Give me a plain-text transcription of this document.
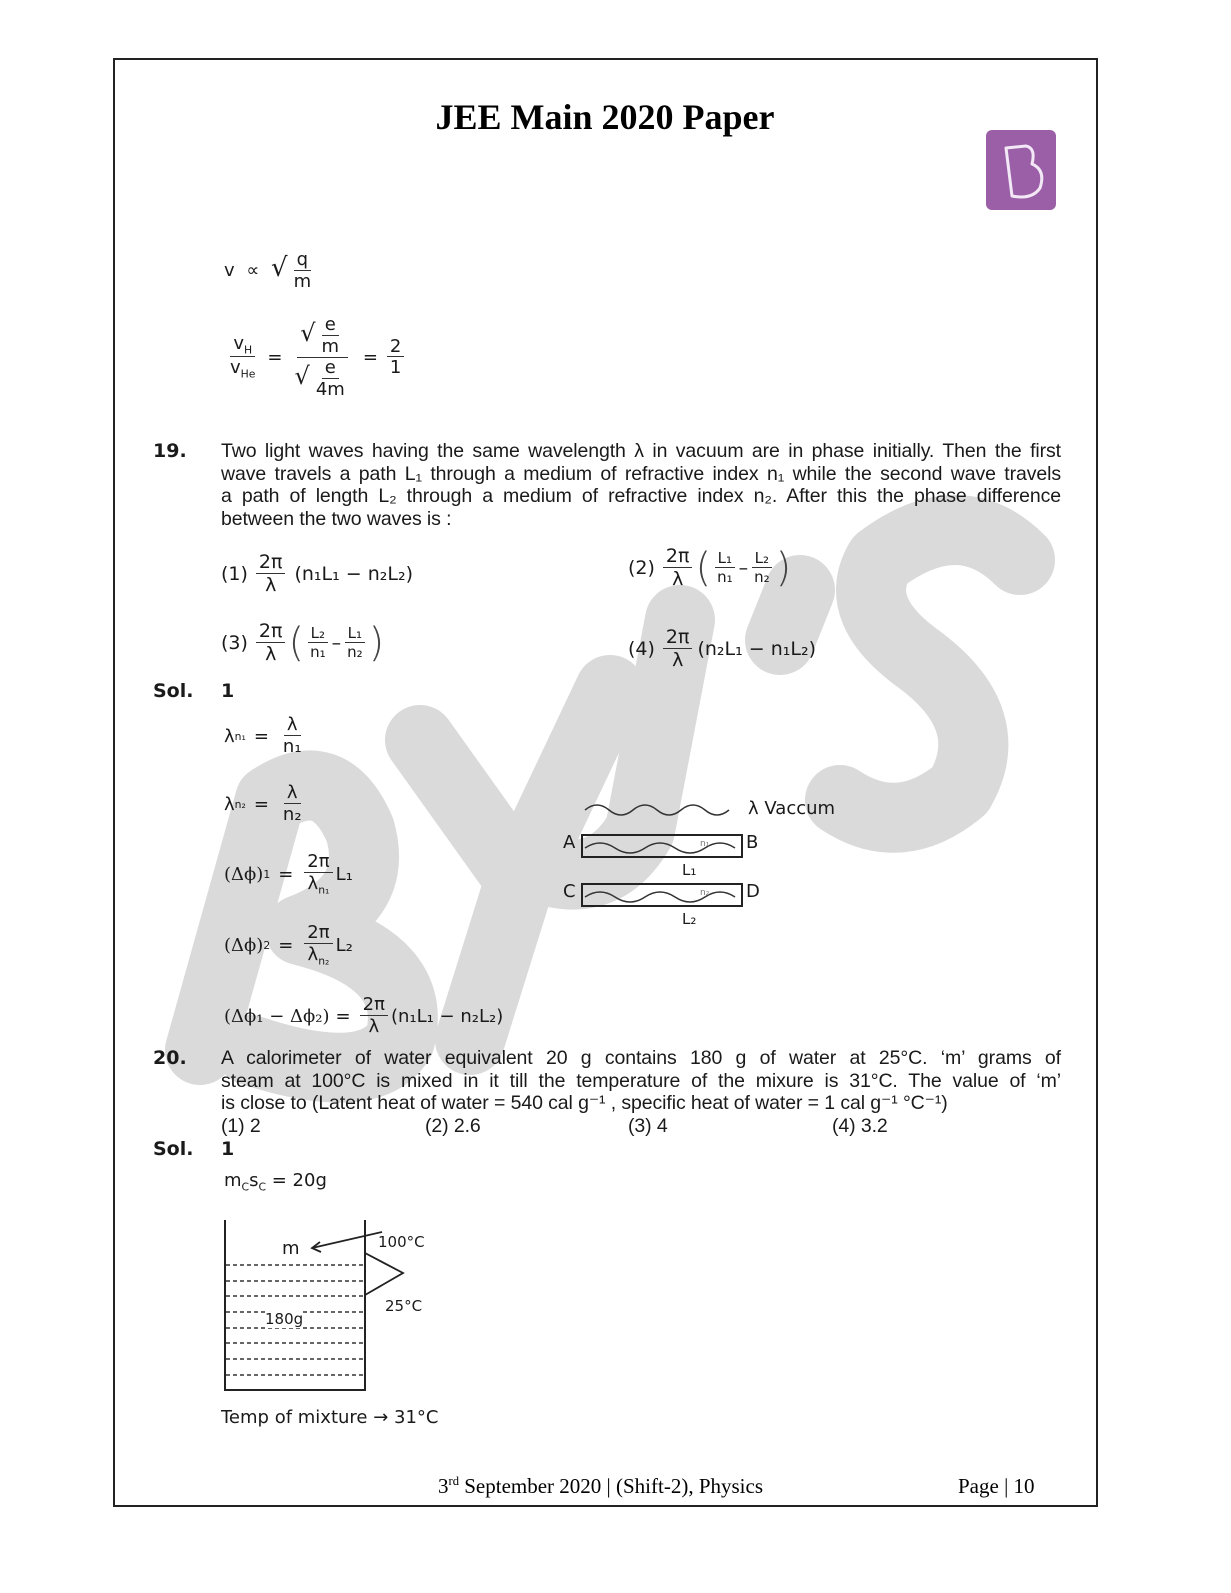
JEE Main 2020 Paper
v ∝ √ $\frac{q}{m}$
$\frac{v_H}{v_{He}} = \frac{√ \frac{e}{m}}{√ \frac{e}{4m}} = \frac{2}{1}$
19. Two light waves having the same wavelength λ in vacuum are in phase initially. Then the first
wave travels a path L₁ through a medium of refractive index n₁ while the second wave travels
a path of length L₂ through a medium of refractive index n₂. After this the phase difference
between the two waves is :
$(1) \frac{2\pi}{\lambda} (n_1L_1 - n_2L_2)$	$(2) \frac{2\pi}{\lambda}$ ( $\frac{\text{L₁}}{\text{n₁}} - \frac{\text{L₂}}{\text{n₂}}$ )
$(3) \frac{2\pi}{\lambda}$ ( $\frac{\text{L₂}}{\text{n₁}} - \frac{\text{L₁}}{\text{n₂}}$ )	$(4) \frac{2\pi}{\lambda} (n_2L_1 - n_1L_2)$
Sol. 1
λ $n_1 = \frac{\lambda}{\text{n₁}}$
λ $n_2 = \frac{\lambda}{\text{n₂}}$
(Δϕ) $1 = \frac{2\pi}{\lambda_{n_1}} L_1$
(Δϕ) $2 = \frac{2\pi}{\lambda_{n_2}} L_2$
$(\Delta\phi_1 - \Delta\phi_2) = \frac{2\pi}{\lambda} (n_1L_1 - n_2L_2)$
λ Vaccum
A	B
n₁
L₁
C	D
n₂
L₂
20. A calorimeter of water equivalent 20 g contains 180 g of water at 25°C. ‘m’ grams of
steam at 100°C is mixed in it till the temperature of the mixure is 31°C. The value of ‘m’
is close to (Latent heat of water = 540 cal g⁻¹ , specific heat of water = 1 cal g⁻¹ °C⁻¹)
(1) 2	(2) 2.6	(3) 4	(4) 3.2
Sol. 1
$m_Cs_C = 20g$
m	100°C
25°C
180g
Temp of mixture → 31°C
3rd September 2020 | (Shift-2), Physics	Page | 10
